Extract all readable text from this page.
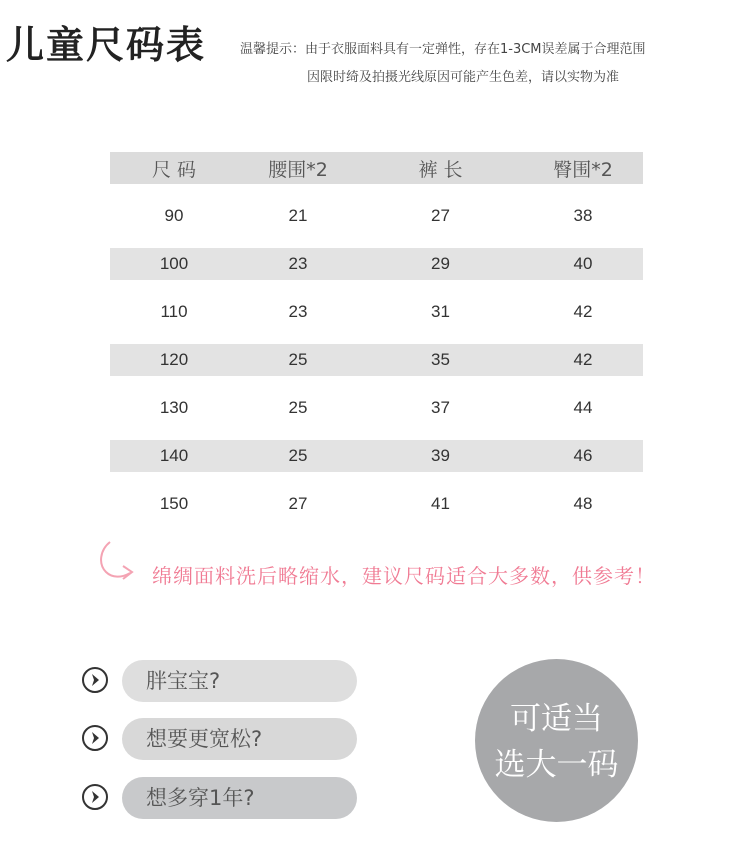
儿童尺码表	温馨提示：由于衣服面料具有一定弹性，存在1-3CM误差属于合理范围
因限时绮及拍摄光线原因可能产生色差，请以实物为准
尺 码	腰围*2	裤 长	臀围*2
90	21	27	38
100	23	29	40
110	23	31	42
120	25	35	42
130	25	37	44
140	25	39	46
150	27	41	48
绵绸面料洗后略缩水，建议尺码适合大多数，供参考！
胖宝宝?
想要更宽松?
想多穿1年?
可适当
选大一码
